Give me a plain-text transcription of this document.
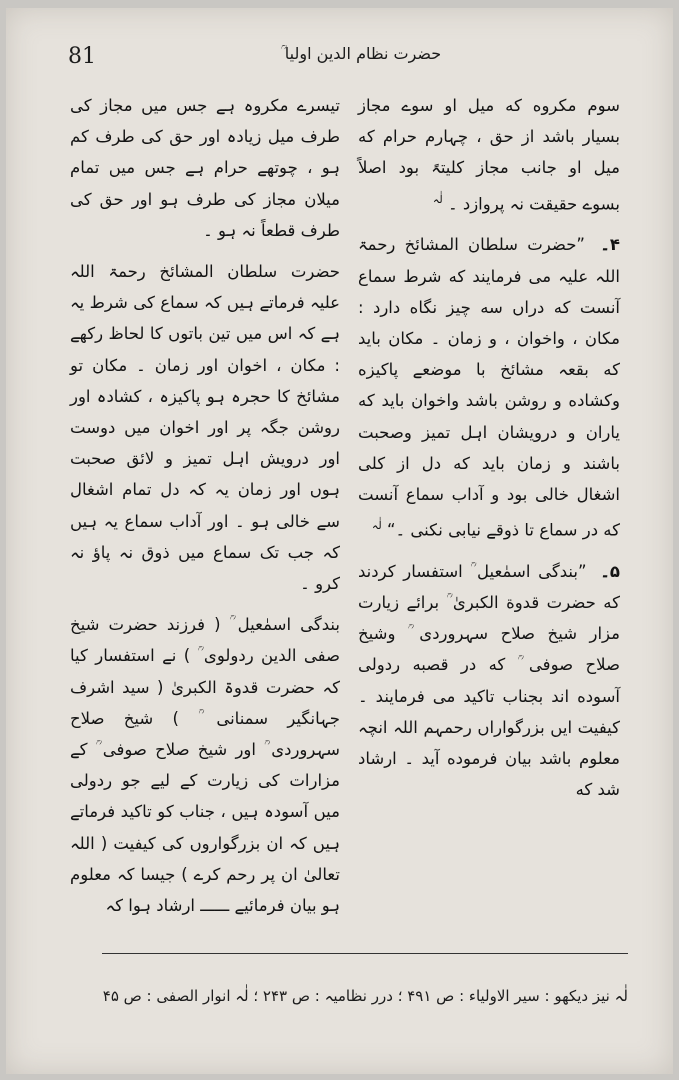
81	حضرت نظام الدین اولیا ؒ

سوم مکروه که میل او سوے مجاز بسیار باشد از حق ، چہارم حرام که میل او جانب مجاز کلیتہً بود اصلاً بسوے حقیقت نہ پروازد ۔ $^{لٰہ}$

۴۔ ”حضرت سلطان المشائخ رحمۃ اللہ علیہ می فرمایند که شرط سماع آنست که دراں سه چیز نگاه دارد : مکان ، واخوان ، و زمان ۔ مکان باید که بقعہ مشائخ با موضعے پاکیزه وکشاده و روشن باشد واخوان باید که یاران و درویشان اہل تمیز وصحبت باشند و زمان باید که دل از کلی اشغال خالی بود و آداب سماع آنست که در سماع تا ذوقے نیابی نکنی ۔“ $^{لٰہ}$

۵۔ ”بندگی اسمٰعیل ؒ استفسار کردند که حضرت قدوة الکبریٰ ؒ برائے زیارت مزار شیخ صلاح سہروردی ؒ وشیخ صلاح صوفی ؒ که در قصبه ردولی آسوده اند بجناب تاکید می فرمایند ۔ کیفیت ایں بزرگواراں رحمہم اللہ انچہ معلوم باشد بیان فرموده آید ۔ ارشاد شد که

تیسرے مکروہ ہے جس میں مجاز کی طرف میل زیادہ اور حق کی طرف کم ہو ، چوتھے حرام ہے جس میں تمام میلان مجاز کی طرف ہو اور حق کی طرف قطعاً نہ ہو ۔

حضرت سلطان المشائخ رحمۃ اللہ علیہ فرماتے ہیں کہ سماع کی شرط یہ ہے کہ اس میں تین باتوں کا لحاظ رکھے : مکان ، اخوان اور زمان ۔ مکان تو مشائخ کا حجرہ ہو پاکیزہ ، کشادہ اور روشن جگہ پر اور اخوان میں دوست اور درویش اہل تمیز و لائق صحبت ہوں اور زمان یہ کہ دل تمام اشغال سے خالی ہو ۔ اور آداب سماع یہ ہیں کہ جب تک سماع میں ذوق نہ پاؤ نہ کرو ۔

بندگی اسمٰعیل ؒ ( فرزند حضرت شیخ صفی الدین ردولوی ؒ ) نے استفسار کیا کہ حضرت قدوۃ الکبریٰ ( سید اشرف جہانگیر سمنانی ؒ ) شیخ صلاح سہروردی ؒ اور شیخ صلاح صوفی ؒ کے مزارات کی زیارت کے لیے جو ردولی میں آسودہ ہیں ، جناب کو تاکید فرماتے ہیں کہ ان بزرگواروں کی کیفیت ( اللہ تعالیٰ ان پر رحم کرے ) جیسا کہ معلوم ہو بیان فرمائیے ــــــ ارشاد ہوا کہ

لٰہ نیز دیکھو : سیر الاولیاء : ص ۴۹۱ ؛ درر نظامیہ : ص ۲۴۳ ؛ لٰہ انوار الصفی : ص ۴۵
